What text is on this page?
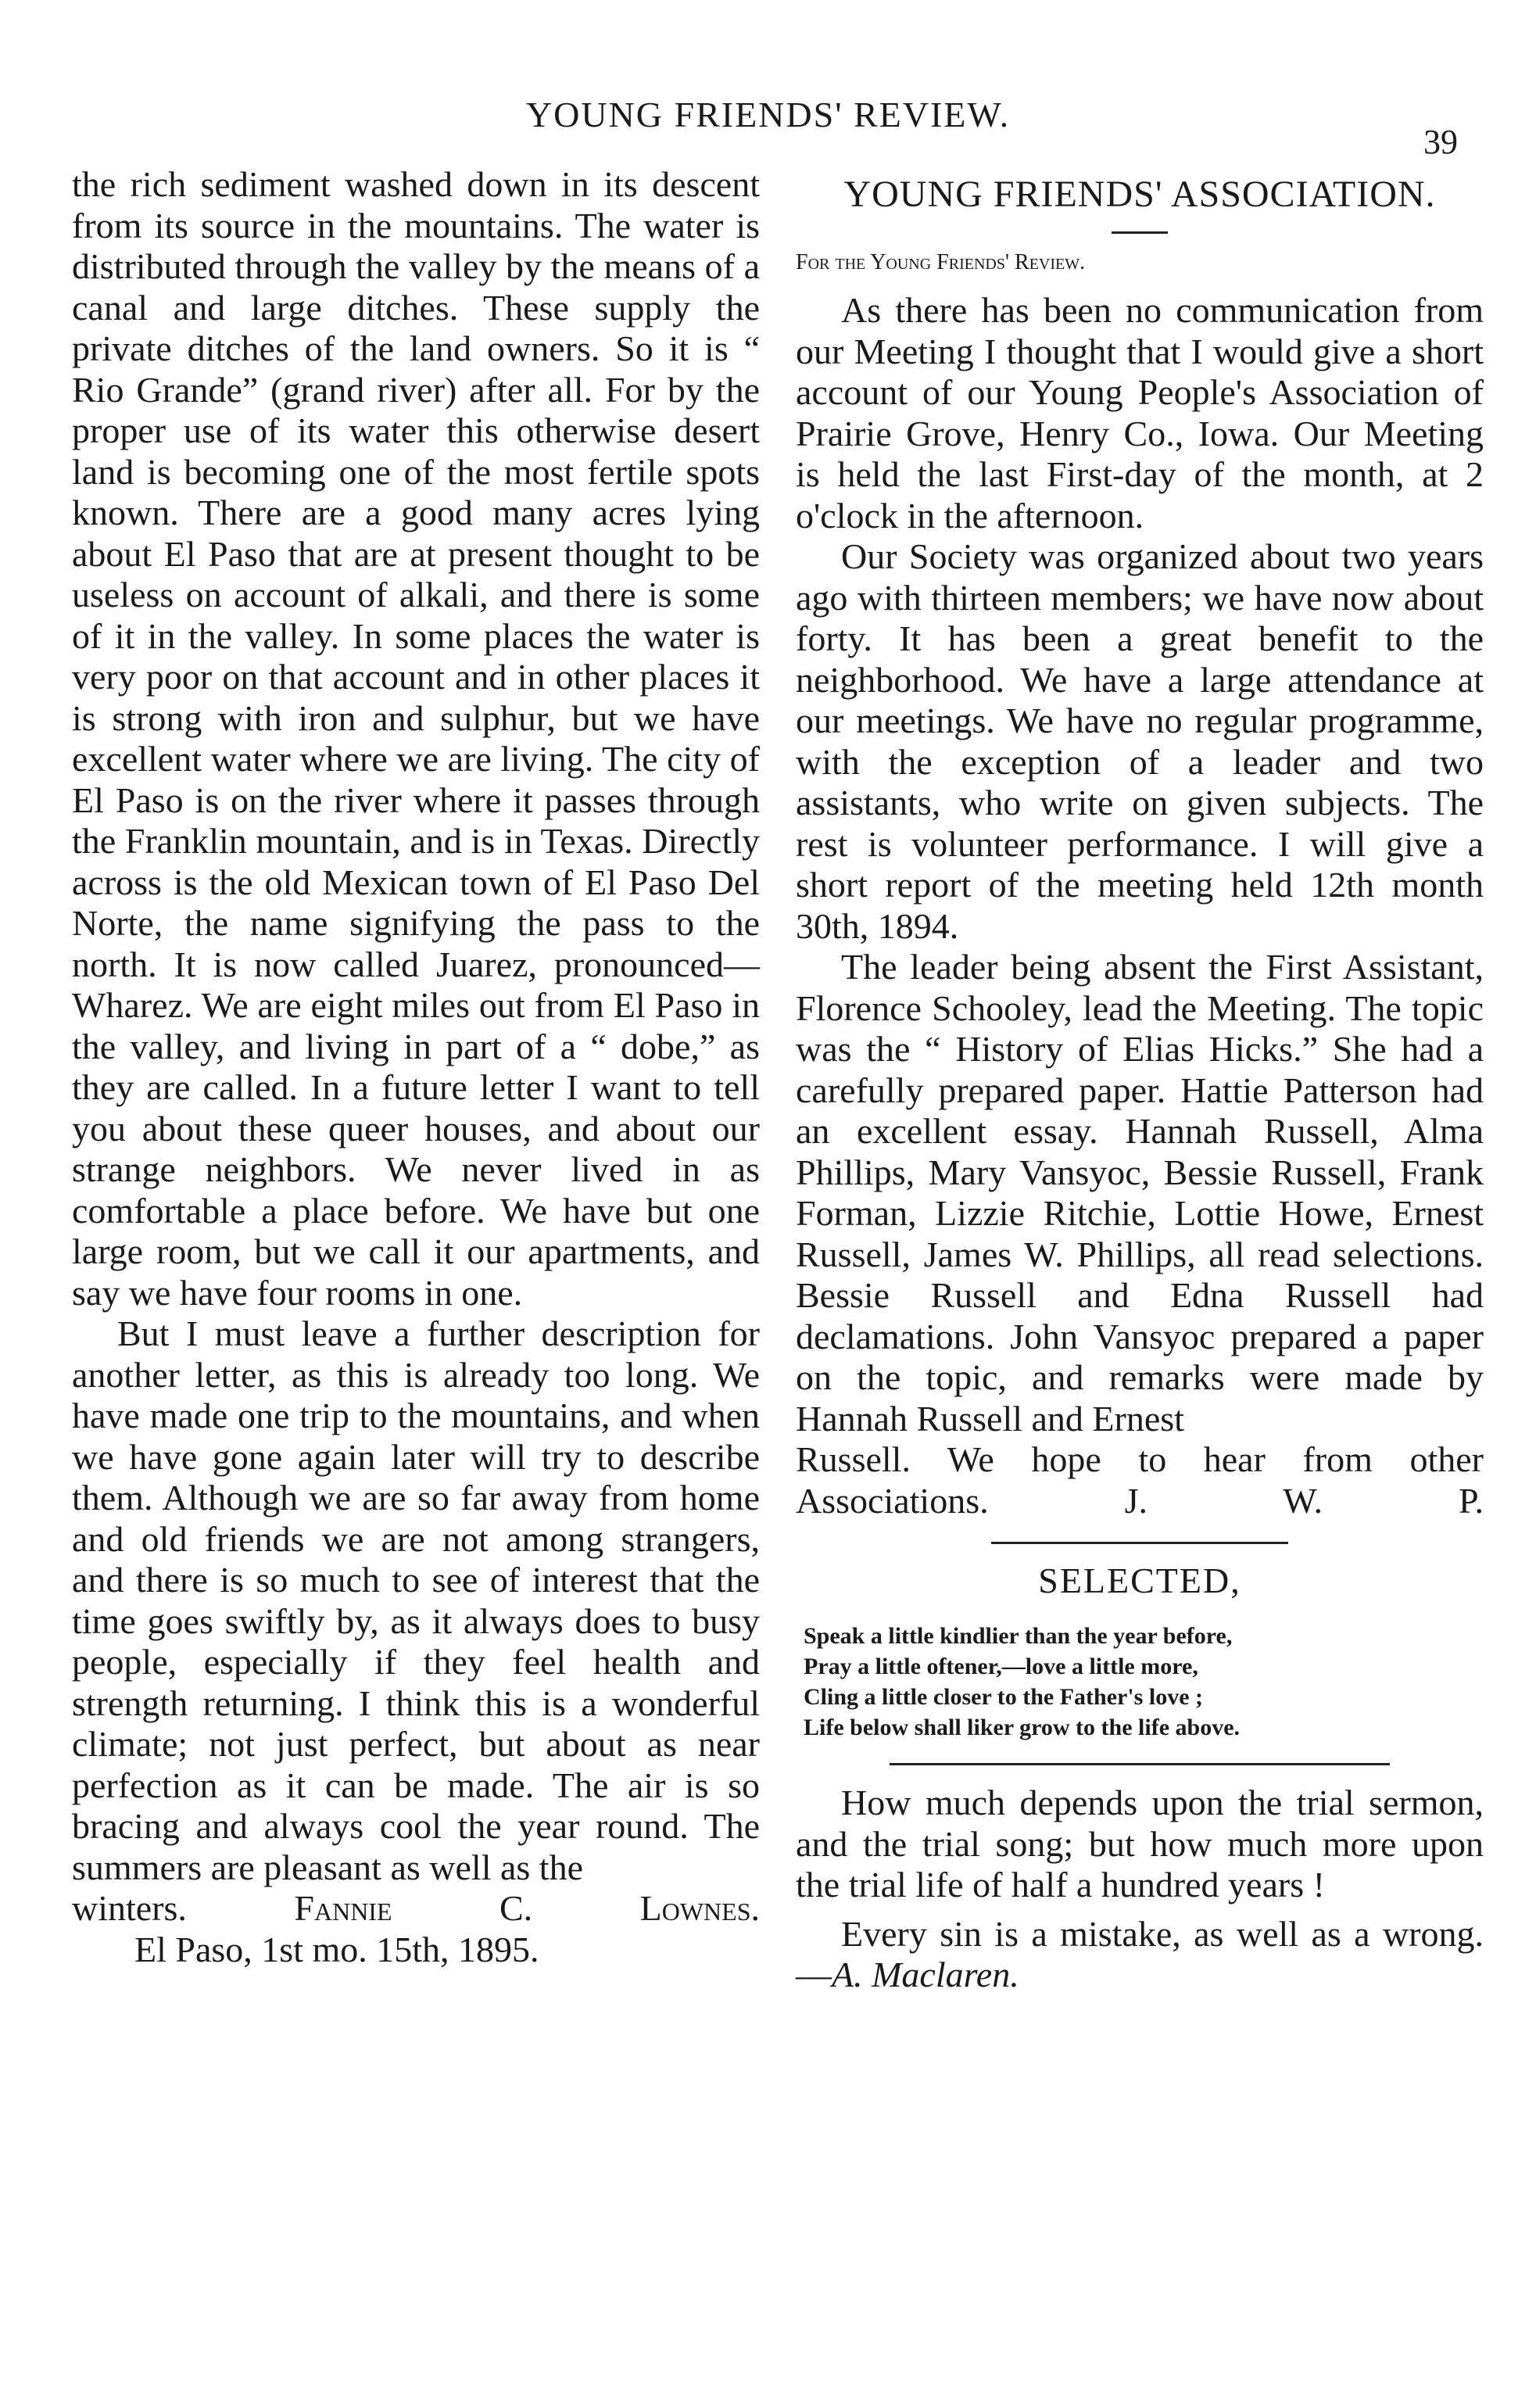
YOUNG FRIENDS' REVIEW.
39

the rich sediment washed down in its descent from its source in the mountains. The water is distributed through the valley by the means of a canal and large ditches. These supply the private ditches of the land owners. So it is “ Rio Grande” (grand river) after all. For by the proper use of its water this otherwise desert land is becoming one of the most fertile spots known. There are a good many acres lying about El Paso that are at present thought to be useless on account of alkali, and there is some of it in the valley. In some places the water is very poor on that account and in other places it is strong with iron and sulphur, but we have excellent water where we are living. The city of El Paso is on the river where it passes through the Franklin mountain, and is in Texas. Directly across is the old Mexican town of El Paso Del Norte, the name signifying the pass to the north. It is now called Juarez, pronounced—Wharez. We are eight miles out from El Paso in the valley, and living in part of a “ dobe,” as they are called. In a future letter I want to tell you about these queer houses, and about our strange neighbors. We never lived in as comfortable a place before. We have but one large room, but we call it our apartments, and say we have four rooms in one.

But I must leave a further description for another letter, as this is already too long. We have made one trip to the mountains, and when we have gone again later will try to describe them. Although we are so far away from home and old friends we are not among strangers, and there is so much to see of interest that the time goes swiftly by, as it always does to busy people, especially if they feel health and strength returning. I think this is a wonderful climate; not just perfect, but about as near perfection as it can be made. The air is so bracing and always cool the year round. The summers are pleasant as well as the

winters.	Fannie C. Lownes.

El Paso, 1st mo. 15th, 1895.

YOUNG FRIENDS' ASSOCIATION.
For the Young Friends' Review.

As there has been no communication from our Meeting I thought that I would give a short account of our Young People's Association of Prairie Grove, Henry Co., Iowa. Our Meeting is held the last First-day of the month, at 2 o'clock in the afternoon.

Our Society was organized about two years ago with thirteen members; we have now about forty. It has been a great benefit to the neighborhood. We have a large attendance at our meetings. We have no regular programme, with the exception of a leader and two assistants, who write on given subjects. The rest is volunteer performance. I will give a short report of the meeting held 12th month 30th, 1894.

The leader being absent the First Assistant, Florence Schooley, lead the Meeting. The topic was the “ History of Elias Hicks.” She had a carefully prepared paper. Hattie Patterson had an excellent essay. Hannah Russell, Alma Phillips, Mary Vansyoc, Bessie Russell, Frank Forman, Lizzie Ritchie, Lottie Howe, Ernest Russell, James W. Phillips, all read selections. Bessie Russell and Edna Russell had declamations. John Vansyoc prepared a paper on the topic, and remarks were made by Hannah Russell and Ernest

Russell. We hope to hear from other Associations.	J. W. P.

SELECTED,
Speak a little kindlier than the year before,
Pray a little oftener,—love a little more,
Cling a little closer to the Father's love ;
Life below shall liker grow to the life above.

How much depends upon the trial sermon, and the trial song; but how much more upon the trial life of half a hundred years !

Every sin is a mistake, as well as a wrong.—A. Maclaren.
